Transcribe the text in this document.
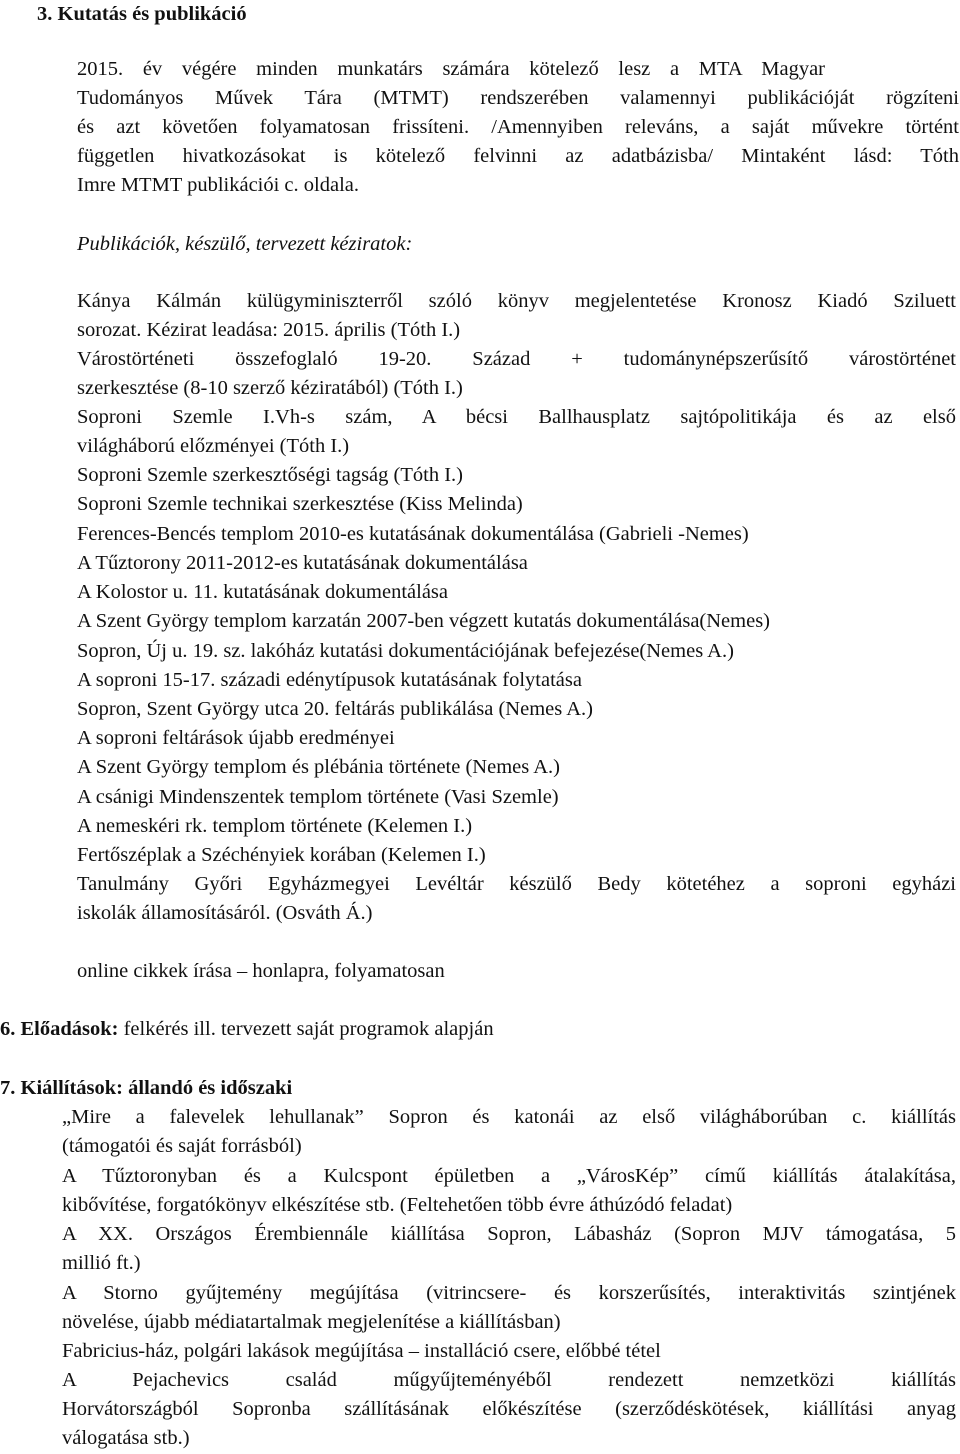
3. Kutatás és publikáció
2015. év végére minden munkatárs számára kötelező lesz a MTA Magyar
Tudományos Művek Tára (MTMT) rendszerében valamennyi publikációját rögzíteni
és azt követően folyamatosan frissíteni. /Amennyiben releváns, a saját művekre történt
független hivatkozásokat is kötelező felvinni az adatbázisba/ Mintaként lásd: Tóth
Imre MTMT publikációi c. oldala.
Publikációk, készülő, tervezett kéziratok:
Kánya Kálmán külügyminiszterről szóló könyv megjelentetése Kronosz Kiadó Sziluett
sorozat. Kézirat leadása: 2015. április (Tóth I.)
Várostörténeti összefoglaló 19-20. Század + tudománynépszerűsítő várostörténet
szerkesztése (8-10 szerző kéziratából) (Tóth I.)
Soproni Szemle I.Vh-s szám, A bécsi Ballhausplatz sajtópolitikája és az első
világháború előzményei (Tóth I.)
Soproni Szemle szerkesztőségi tagság (Tóth I.)
Soproni Szemle technikai szerkesztése (Kiss Melinda)
Ferences-Bencés templom 2010-es kutatásának dokumentálása (Gabrieli -Nemes)
A Tűztorony 2011-2012-es kutatásának dokumentálása
A Kolostor u. 11. kutatásának dokumentálása
A Szent György templom karzatán 2007-ben végzett kutatás dokumentálása(Nemes)
Sopron, Új u. 19. sz. lakóház kutatási dokumentációjának befejezése(Nemes A.)
A soproni 15-17. századi edénytípusok kutatásának folytatása
Sopron, Szent György utca 20. feltárás publikálása (Nemes A.)
A soproni feltárások újabb eredményei
A Szent György templom és plébánia története (Nemes A.)
A csánigi Mindenszentek templom története (Vasi Szemle)
A nemeskéri rk. templom története (Kelemen I.)
Fertőszéplak a Széchényiek korában (Kelemen I.)
Tanulmány Győri Egyházmegyei Levéltár készülő Bedy kötetéhez a soproni egyházi
iskolák államosításáról. (Osváth Á.)
online cikkek írása – honlapra, folyamatosan
6. Előadások: felkérés ill. tervezett saját programok alapján
7. Kiállítások: állandó és időszaki
„Mire a falevelek lehullanak” Sopron és katonái az első világháborúban c. kiállítás
(támogatói és saját forrásból)
A Tűztoronyban és a Kulcspont épületben a „VárosKép” című kiállítás átalakítása,
kibővítése, forgatókönyv elkészítése stb. (Feltehetően több évre áthúzódó feladat)
A XX. Országos Érembiennále kiállítása Sopron, Lábasház (Sopron MJV támogatása, 5
millió ft.)
A Storno gyűjtemény megújítása (vitrincsere- és korszerűsítés, interaktivitás szintjének
növelése, újabb médiatartalmak megjelenítése a kiállításban)
Fabricius-ház, polgári lakások megújítása – installáció csere, előbbé tétel
A Pejachevics család műgyűjteményéből rendezett nemzetközi kiállítás
Horvátországból Sopronba szállításának előkészítése (szerződéskötések, kiállítási anyag
válogatása stb.)
